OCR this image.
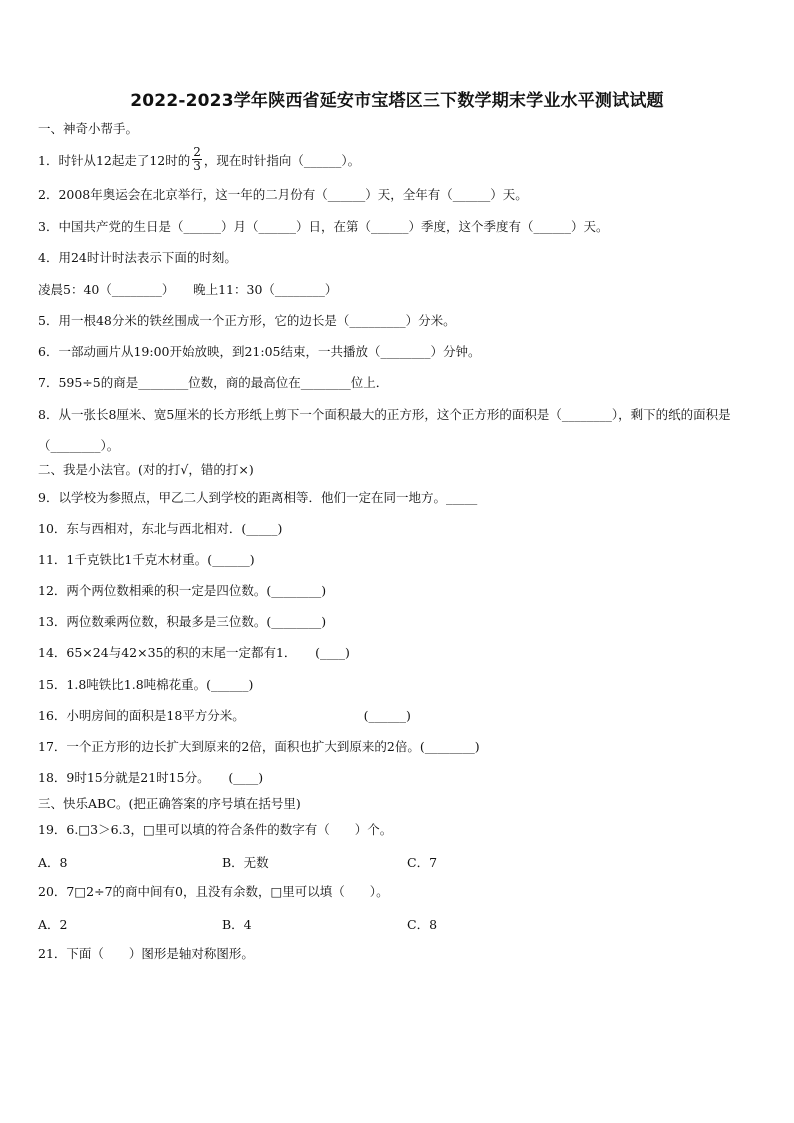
2022-2023学年陕西省延安市宝塔区三下数学期末学业水平测试试题
一、神奇小帮手。
1．时针从12起走了12时的 $\frac{2}{3}$ ，现在时针指向（______）。
2．2008年奥运会在北京举行，这一年的二月份有（______）天，全年有（______）天。
3．中国共产党的生日是（______）月（______）日，在第（______）季度，这个季度有（______）天。
4．用24时计时法表示下面的时刻。
凌晨5：40（________）　　晚上11：30（________）
5．用一根48分米的铁丝围成一个正方形，它的边长是（_________）分米。
6．一部动画片从19:00开始放映，到21:05结束，一共播放（________）分钟。
7．595÷5的商是________位数，商的最高位在________位上．
8．从一张长8厘米、宽5厘米的长方形纸上剪下一个面积最大的正方形，这个正方形的面积是（________），剩下的纸的面积是（________）。
二、我是小法官。(对的打√，错的打×)
9．以学校为参照点，甲乙二人到学校的距离相等．他们一定在同一地方。_____
10．东与西相对，东北与西北相对．(_____)
11．1千克铁比1千克木材重。(______)
12．两个两位数相乘的积一定是四位数。(________)
13．两位数乘两位数，积最多是三位数。(________)
14．65×24与42×35的积的末尾一定都有1．　　(____)
15．1.8吨铁比1.8吨棉花重。(______)
16．小明房间的面积是18平方分米。　　　　　　　　　　(______)
17．一个正方形的边长扩大到原来的2倍，面积也扩大到原来的2倍。(________)
18．9时15分就是21时15分。　　(____)
三、快乐ABC。(把正确答案的序号填在括号里)
19．6.□3＞6.3，□里可以填的符合条件的数字有（　　）个。
A．8	B．无数	C．7
20．7□2÷7的商中间有0，且没有余数，□里可以填（　　）。
A．2	B．4	C．8
21．下面（　　）图形是轴对称图形。
